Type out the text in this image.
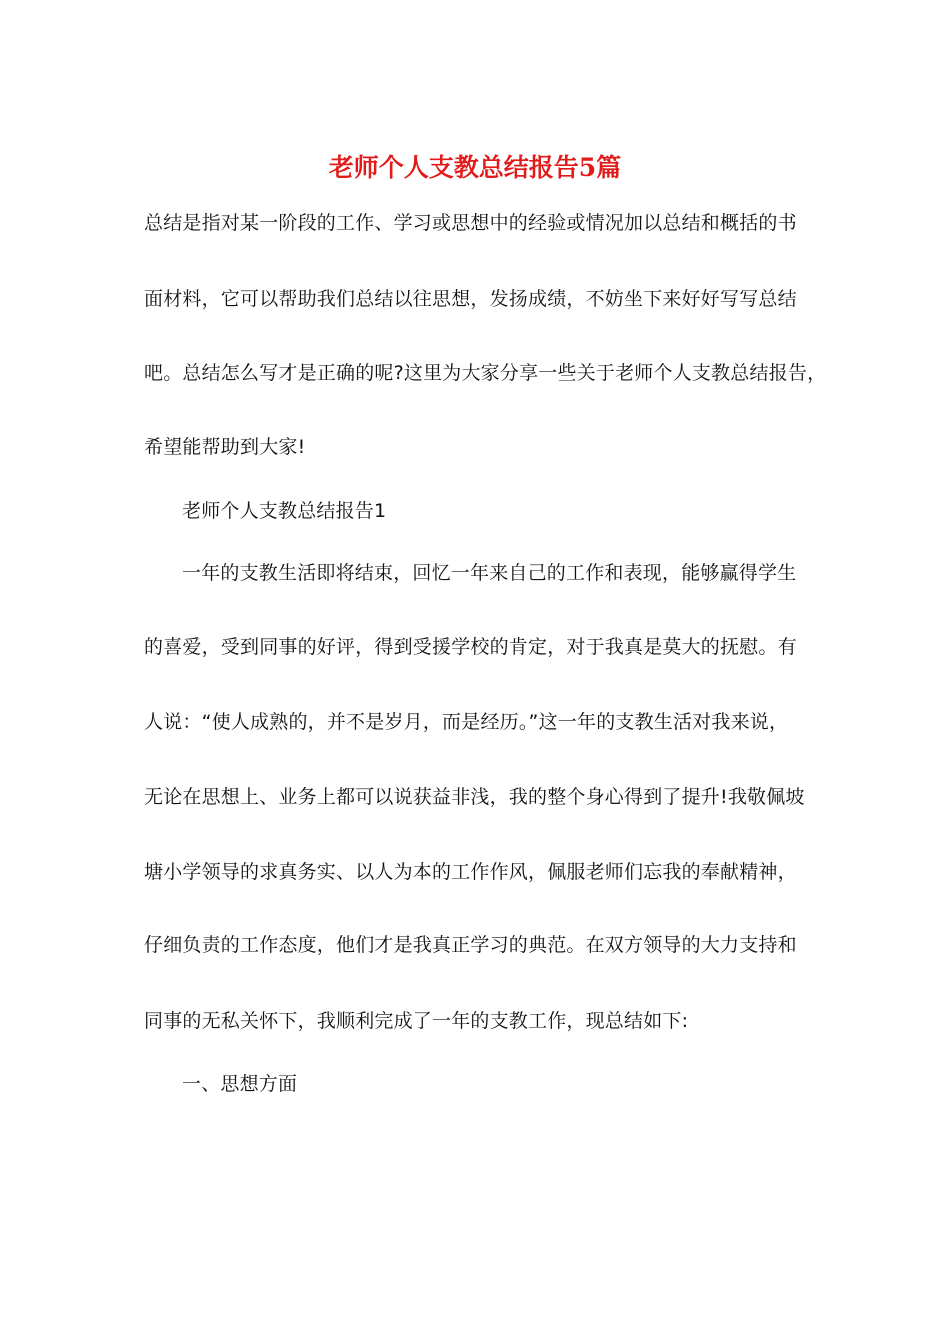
老师个人支教总结报告5篇
总结是指对某一阶段的工作、学习或思想中的经验或情况加以总结和概括的书
面材料，它可以帮助我们总结以往思想，发扬成绩，不妨坐下来好好写写总结
吧。总结怎么写才是正确的呢?这里为大家分享一些关于老师个人支教总结报告，
希望能帮助到大家!
老师个人支教总结报告1
一年的支教生活即将结束，回忆一年来自己的工作和表现，能够赢得学生
的喜爱，受到同事的好评，得到受援学校的肯定，对于我真是莫大的抚慰。有
人说：“使人成熟的，并不是岁月，而是经历。”这一年的支教生活对我来说，
无论在思想上、业务上都可以说获益非浅，我的整个身心得到了提升!我敬佩坡
塘小学领导的求真务实、以人为本的工作作风，佩服老师们忘我的奉献精神，
仔细负责的工作态度，他们才是我真正学习的典范。在双方领导的大力支持和
同事的无私关怀下，我顺利完成了一年的支教工作，现总结如下:
一、思想方面
